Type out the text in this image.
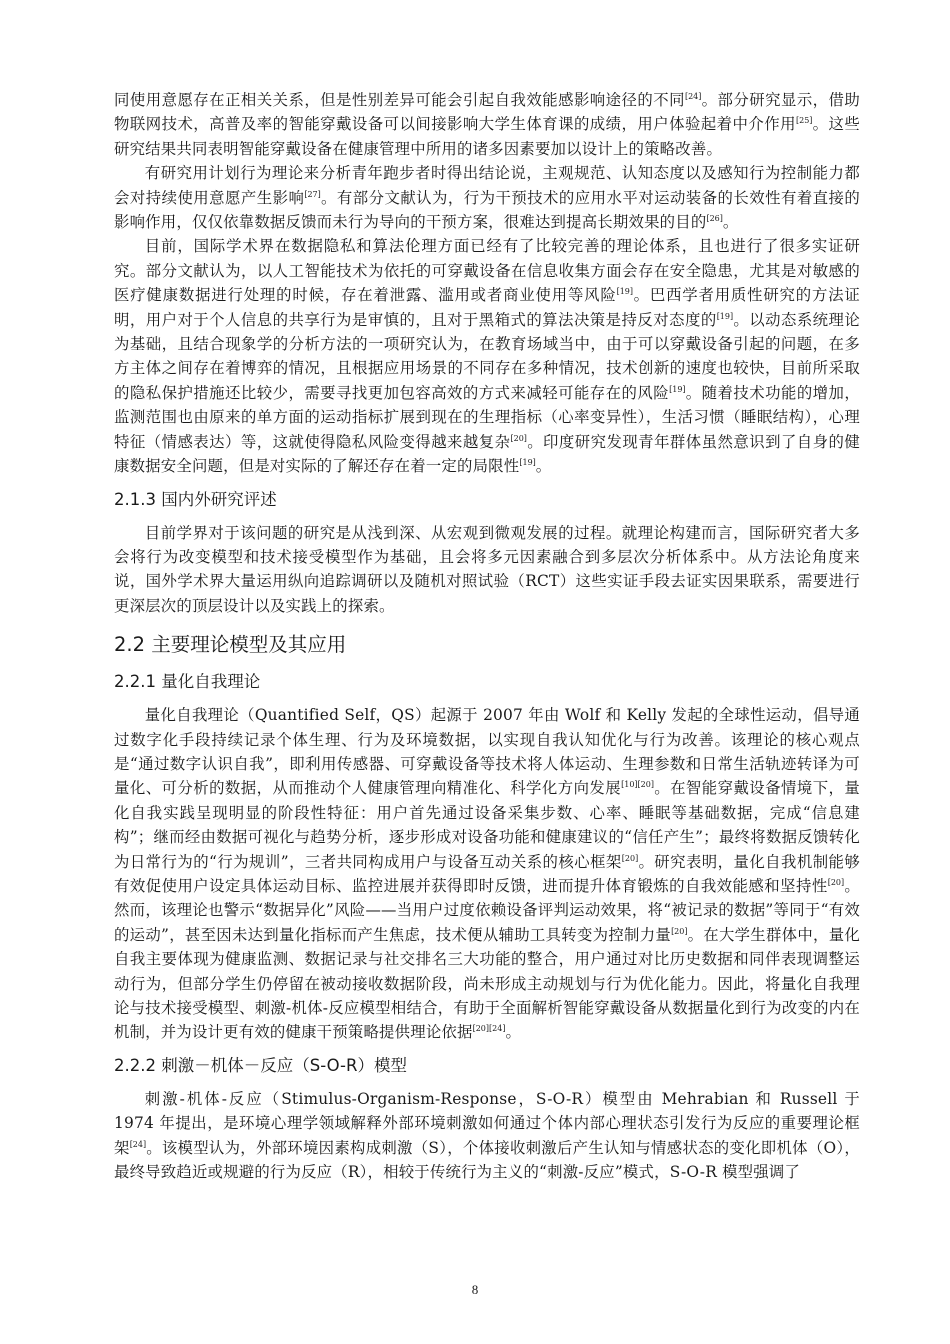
同使用意愿存在正相关关系，但是性别差异可能会引起自我效能感影响途径的不同[24]。部分研究显示，借助物联网技术，高普及率的智能穿戴设备可以间接影响大学生体育课的成绩，用户体验起着中介作用[25]。这些研究结果共同表明智能穿戴设备在健康管理中所用的诸多因素要加以设计上的策略改善。

有研究用计划行为理论来分析青年跑步者时得出结论说，主观规范、认知态度以及感知行为控制能力都会对持续使用意愿产生影响[27]。有部分文献认为，行为干预技术的应用水平对运动装备的长效性有着直接的影响作用，仅仅依靠数据反馈而未行为导向的干预方案，很难达到提高长期效果的目的[26]。

目前，国际学术界在数据隐私和算法伦理方面已经有了比较完善的理论体系，且也进行了很多实证研究。部分文献认为，以人工智能技术为依托的可穿戴设备在信息收集方面会存在安全隐患，尤其是对敏感的医疗健康数据进行处理的时候，存在着泄露、滥用或者商业使用等风险[19]。巴西学者用质性研究的方法证明，用户对于个人信息的共享行为是审慎的，且对于黑箱式的算法决策是持反对态度的[19]。以动态系统理论为基础，且结合现象学的分析方法的一项研究认为，在教育场域当中，由于可以穿戴设备引起的问题，在多方主体之间存在着博弈的情况，且根据应用场景的不同存在多种情况，技术创新的速度也较快，目前所采取的隐私保护措施还比较少，需要寻找更加包容高效的方式来减轻可能存在的风险[19]。随着技术功能的增加，监测范围也由原来的单方面的运动指标扩展到现在的生理指标（心率变异性），生活习惯（睡眠结构），心理特征（情感表达）等，这就使得隐私风险变得越来越复杂[20]。印度研究发现青年群体虽然意识到了自身的健康数据安全问题，但是对实际的了解还存在着一定的局限性[19]。

2.1.3 国内外研究评述

目前学界对于该问题的研究是从浅到深、从宏观到微观发展的过程。就理论构建而言，国际研究者大多会将行为改变模型和技术接受模型作为基础，且会将多元因素融合到多层次分析体系中。从方法论角度来说，国外学术界大量运用纵向追踪调研以及随机对照试验（RCT）这些实证手段去证实因果联系，需要进行更深层次的顶层设计以及实践上的探索。

2.2 主要理论模型及其应用
2.2.1 量化自我理论

量化自我理论（Quantified Self，QS）起源于 2007 年由 Wolf 和 Kelly 发起的全球性运动，倡导通过数字化手段持续记录个体生理、行为及环境数据，以实现自我认知优化与行为改善。该理论的核心观点是“通过数字认识自我”，即利用传感器、可穿戴设备等技术将人体运动、生理参数和日常生活轨迹转译为可量化、可分析的数据，从而推动个人健康管理向精准化、科学化方向发展[10][20]。在智能穿戴设备情境下，量化自我实践呈现明显的阶段性特征：用户首先通过设备采集步数、心率、睡眠等基础数据，完成“信息建构”；继而经由数据可视化与趋势分析，逐步形成对设备功能和健康建议的“信任产生”；最终将数据反馈转化为日常行为的“行为规训”，三者共同构成用户与设备互动关系的核心框架[20]。研究表明，量化自我机制能够有效促使用户设定具体运动目标、监控进展并获得即时反馈，进而提升体育锻炼的自我效能感和坚持性[20]。然而，该理论也警示“数据异化”风险——当用户过度依赖设备评判运动效果，将“被记录的数据”等同于“有效的运动”，甚至因未达到量化指标而产生焦虑，技术便从辅助工具转变为控制力量[20]。在大学生群体中，量化自我主要体现为健康监测、数据记录与社交排名三大功能的整合，用户通过对比历史数据和同伴表现调整运动行为，但部分学生仍停留在被动接收数据阶段，尚未形成主动规划与行为优化能力。因此，将量化自我理论与技术接受模型、刺激-机体-反应模型相结合，有助于全面解析智能穿戴设备从数据量化到行为改变的内在机制，并为设计更有效的健康干预策略提供理论依据[20][24]。

2.2.2 刺激－机体－反应（S-O-R）模型

刺激-机体-反应（Stimulus-Organism-Response，S-O-R）模型由 Mehrabian 和 Russell 于 1974 年提出，是环境心理学领域解释外部环境刺激如何通过个体内部心理状态引发行为反应的重要理论框架[24]。该模型认为，外部环境因素构成刺激（S），个体接收刺激后产生认知与情感状态的变化即机体（O），最终导致趋近或规避的行为反应（R），相较于传统行为主义的“刺激-反应”模式，S-O-R 模型强调了

8
